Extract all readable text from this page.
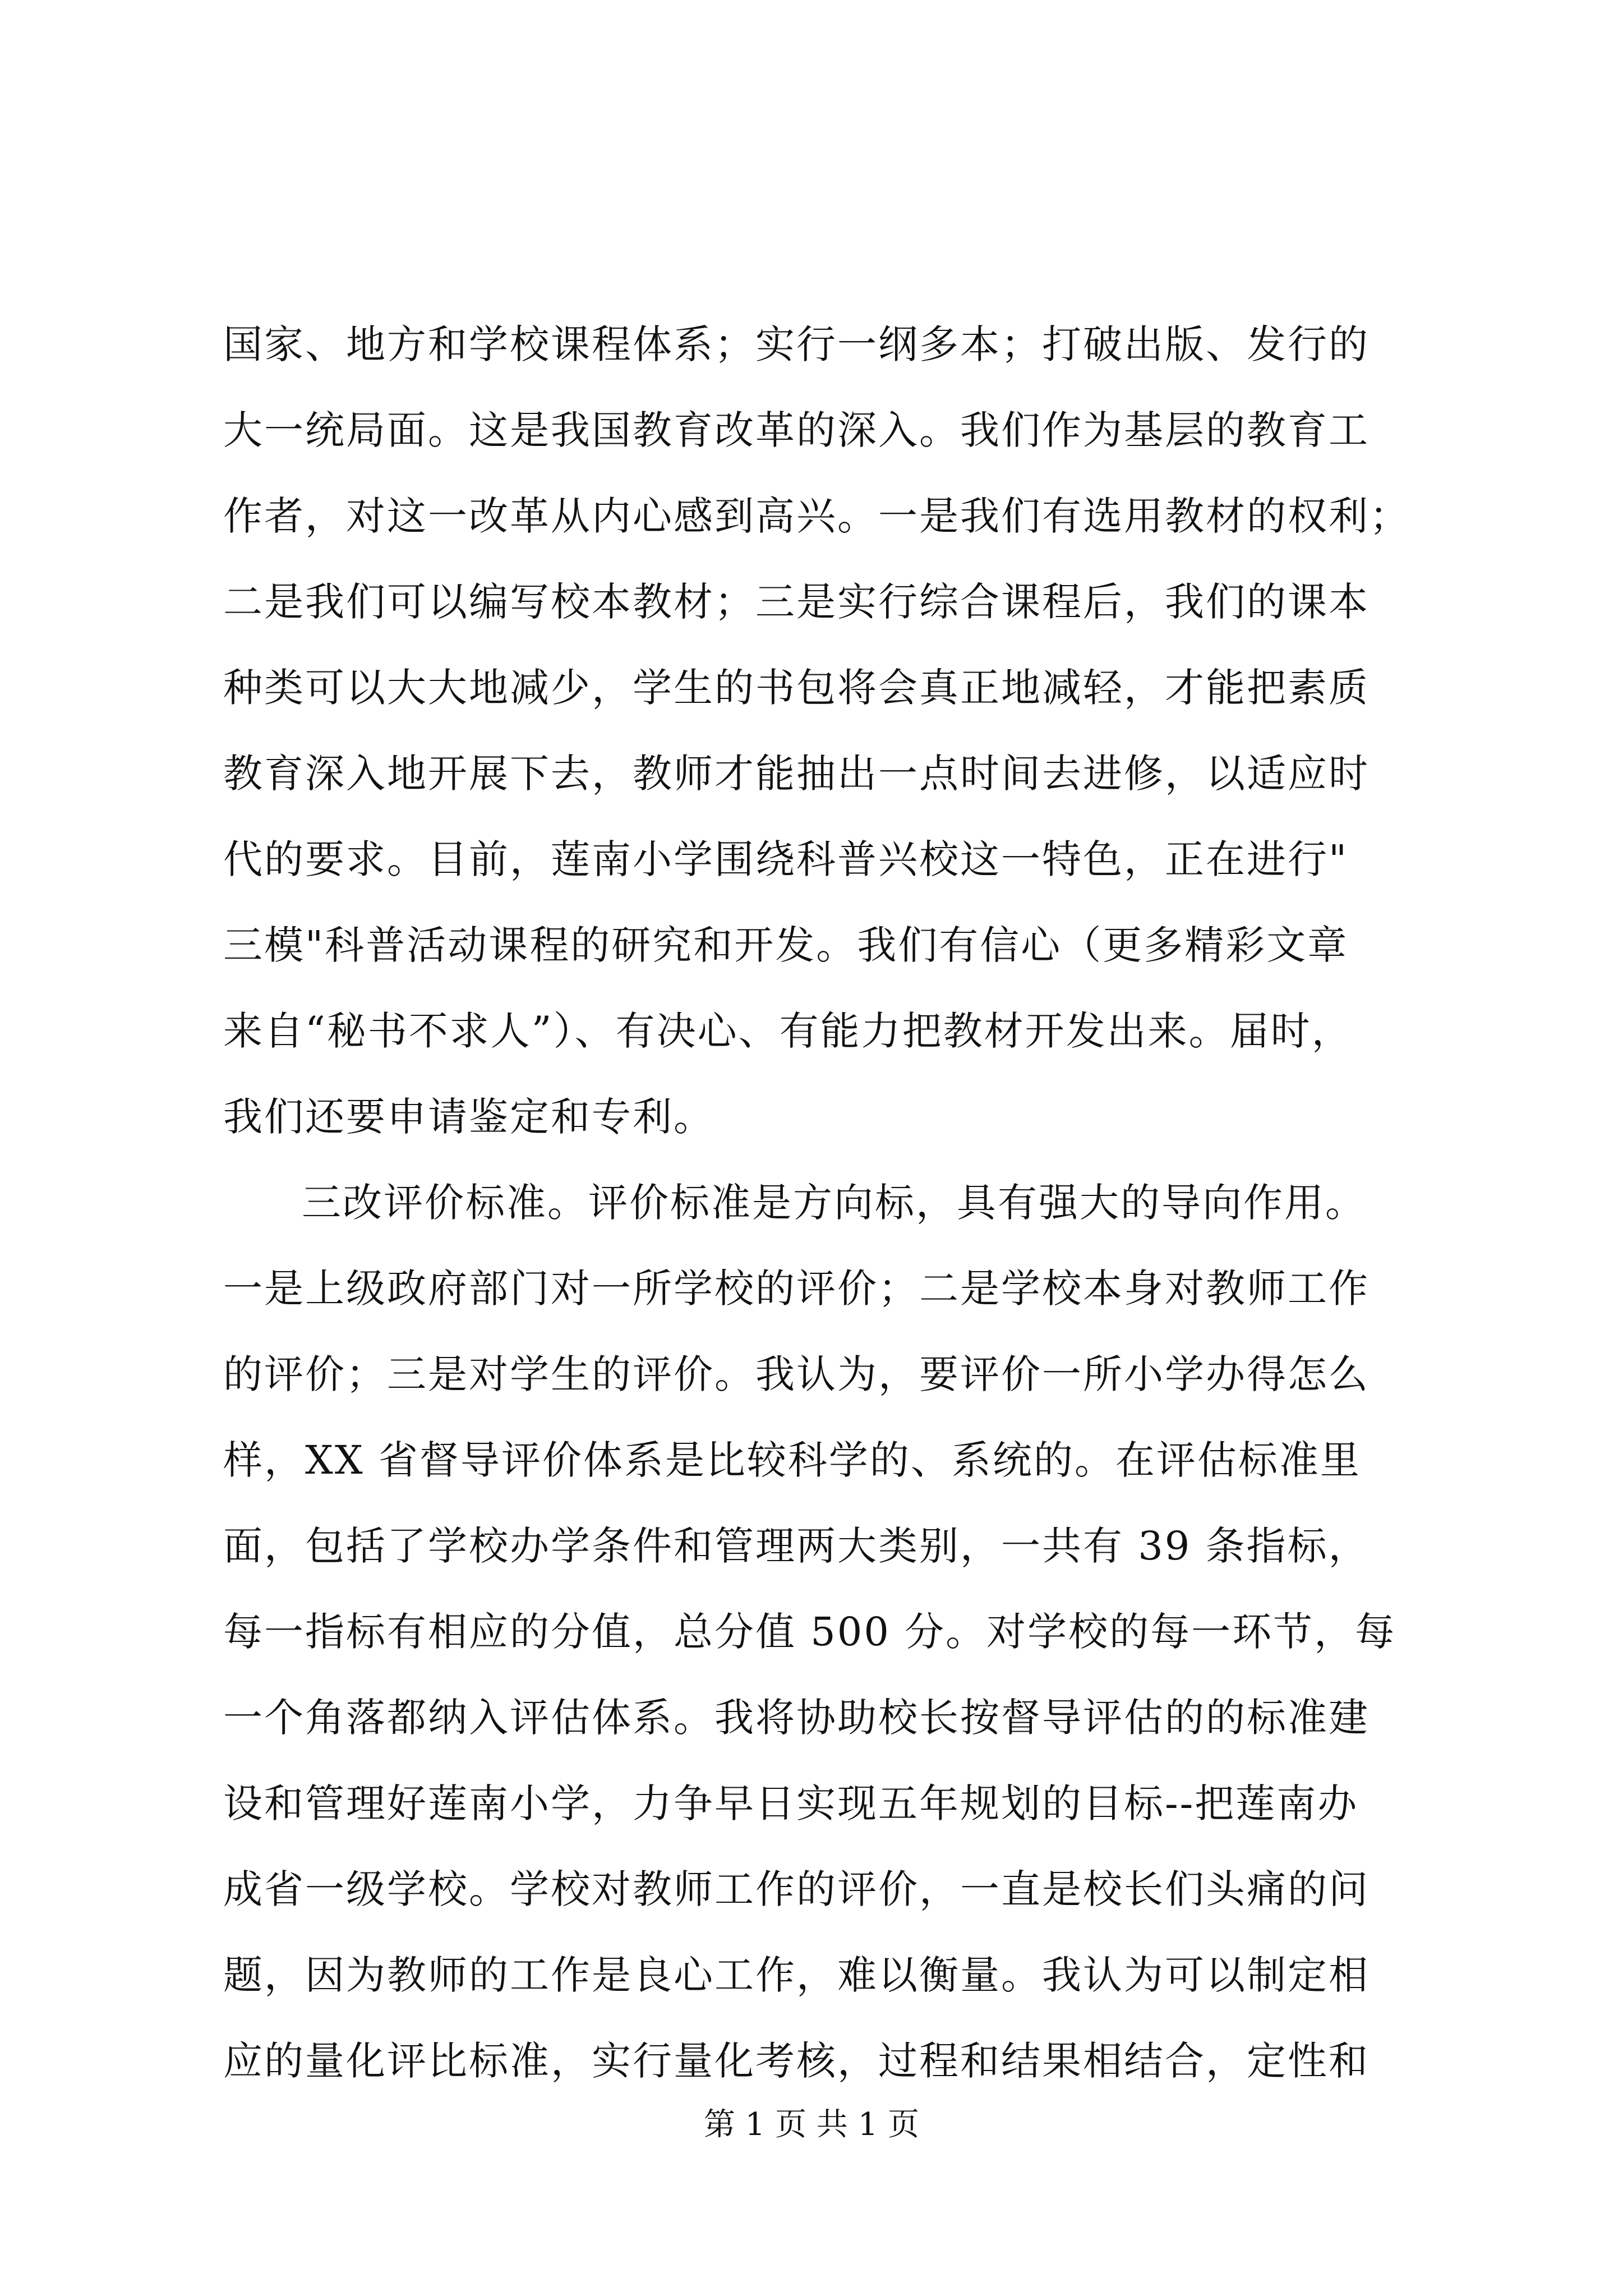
国家、地方和学校课程体系；实行一纲多本；打破出版、发行的
大一统局面。这是我国教育改革的深入。我们作为基层的教育工
作者，对这一改革从内心感到高兴。一是我们有选用教材的权利；
二是我们可以编写校本教材；三是实行综合课程后，我们的课本
种类可以大大地减少，学生的书包将会真正地减轻，才能把素质
教育深入地开展下去，教师才能抽出一点时间去进修，以适应时
代的要求。目前，莲南小学围绕科普兴校这一特色，正在进行"
三模"科普活动课程的研究和开发。我们有信心（更多精彩文章
来自“秘书不求人”）、有决心、有能力把教材开发出来。届时，
我们还要申请鉴定和专利。
三改评价标准。评价标准是方向标，具有强大的导向作用。
一是上级政府部门对一所学校的评价；二是学校本身对教师工作
的评价；三是对学生的评价。我认为，要评价一所小学办得怎么
样，XX 省督导评价体系是比较科学的、系统的。在评估标准里
面，包括了学校办学条件和管理两大类别，一共有 39 条指标，
每一指标有相应的分值，总分值 500 分。对学校的每一环节，每
一个角落都纳入评估体系。我将协助校长按督导评估的的标准建
设和管理好莲南小学，力争早日实现五年规划的目标--把莲南办
成省一级学校。学校对教师工作的评价，一直是校长们头痛的问
题，因为教师的工作是良心工作，难以衡量。我认为可以制定相
应的量化评比标准，实行量化考核，过程和结果相结合，定性和
第 1 页 共 1 页
